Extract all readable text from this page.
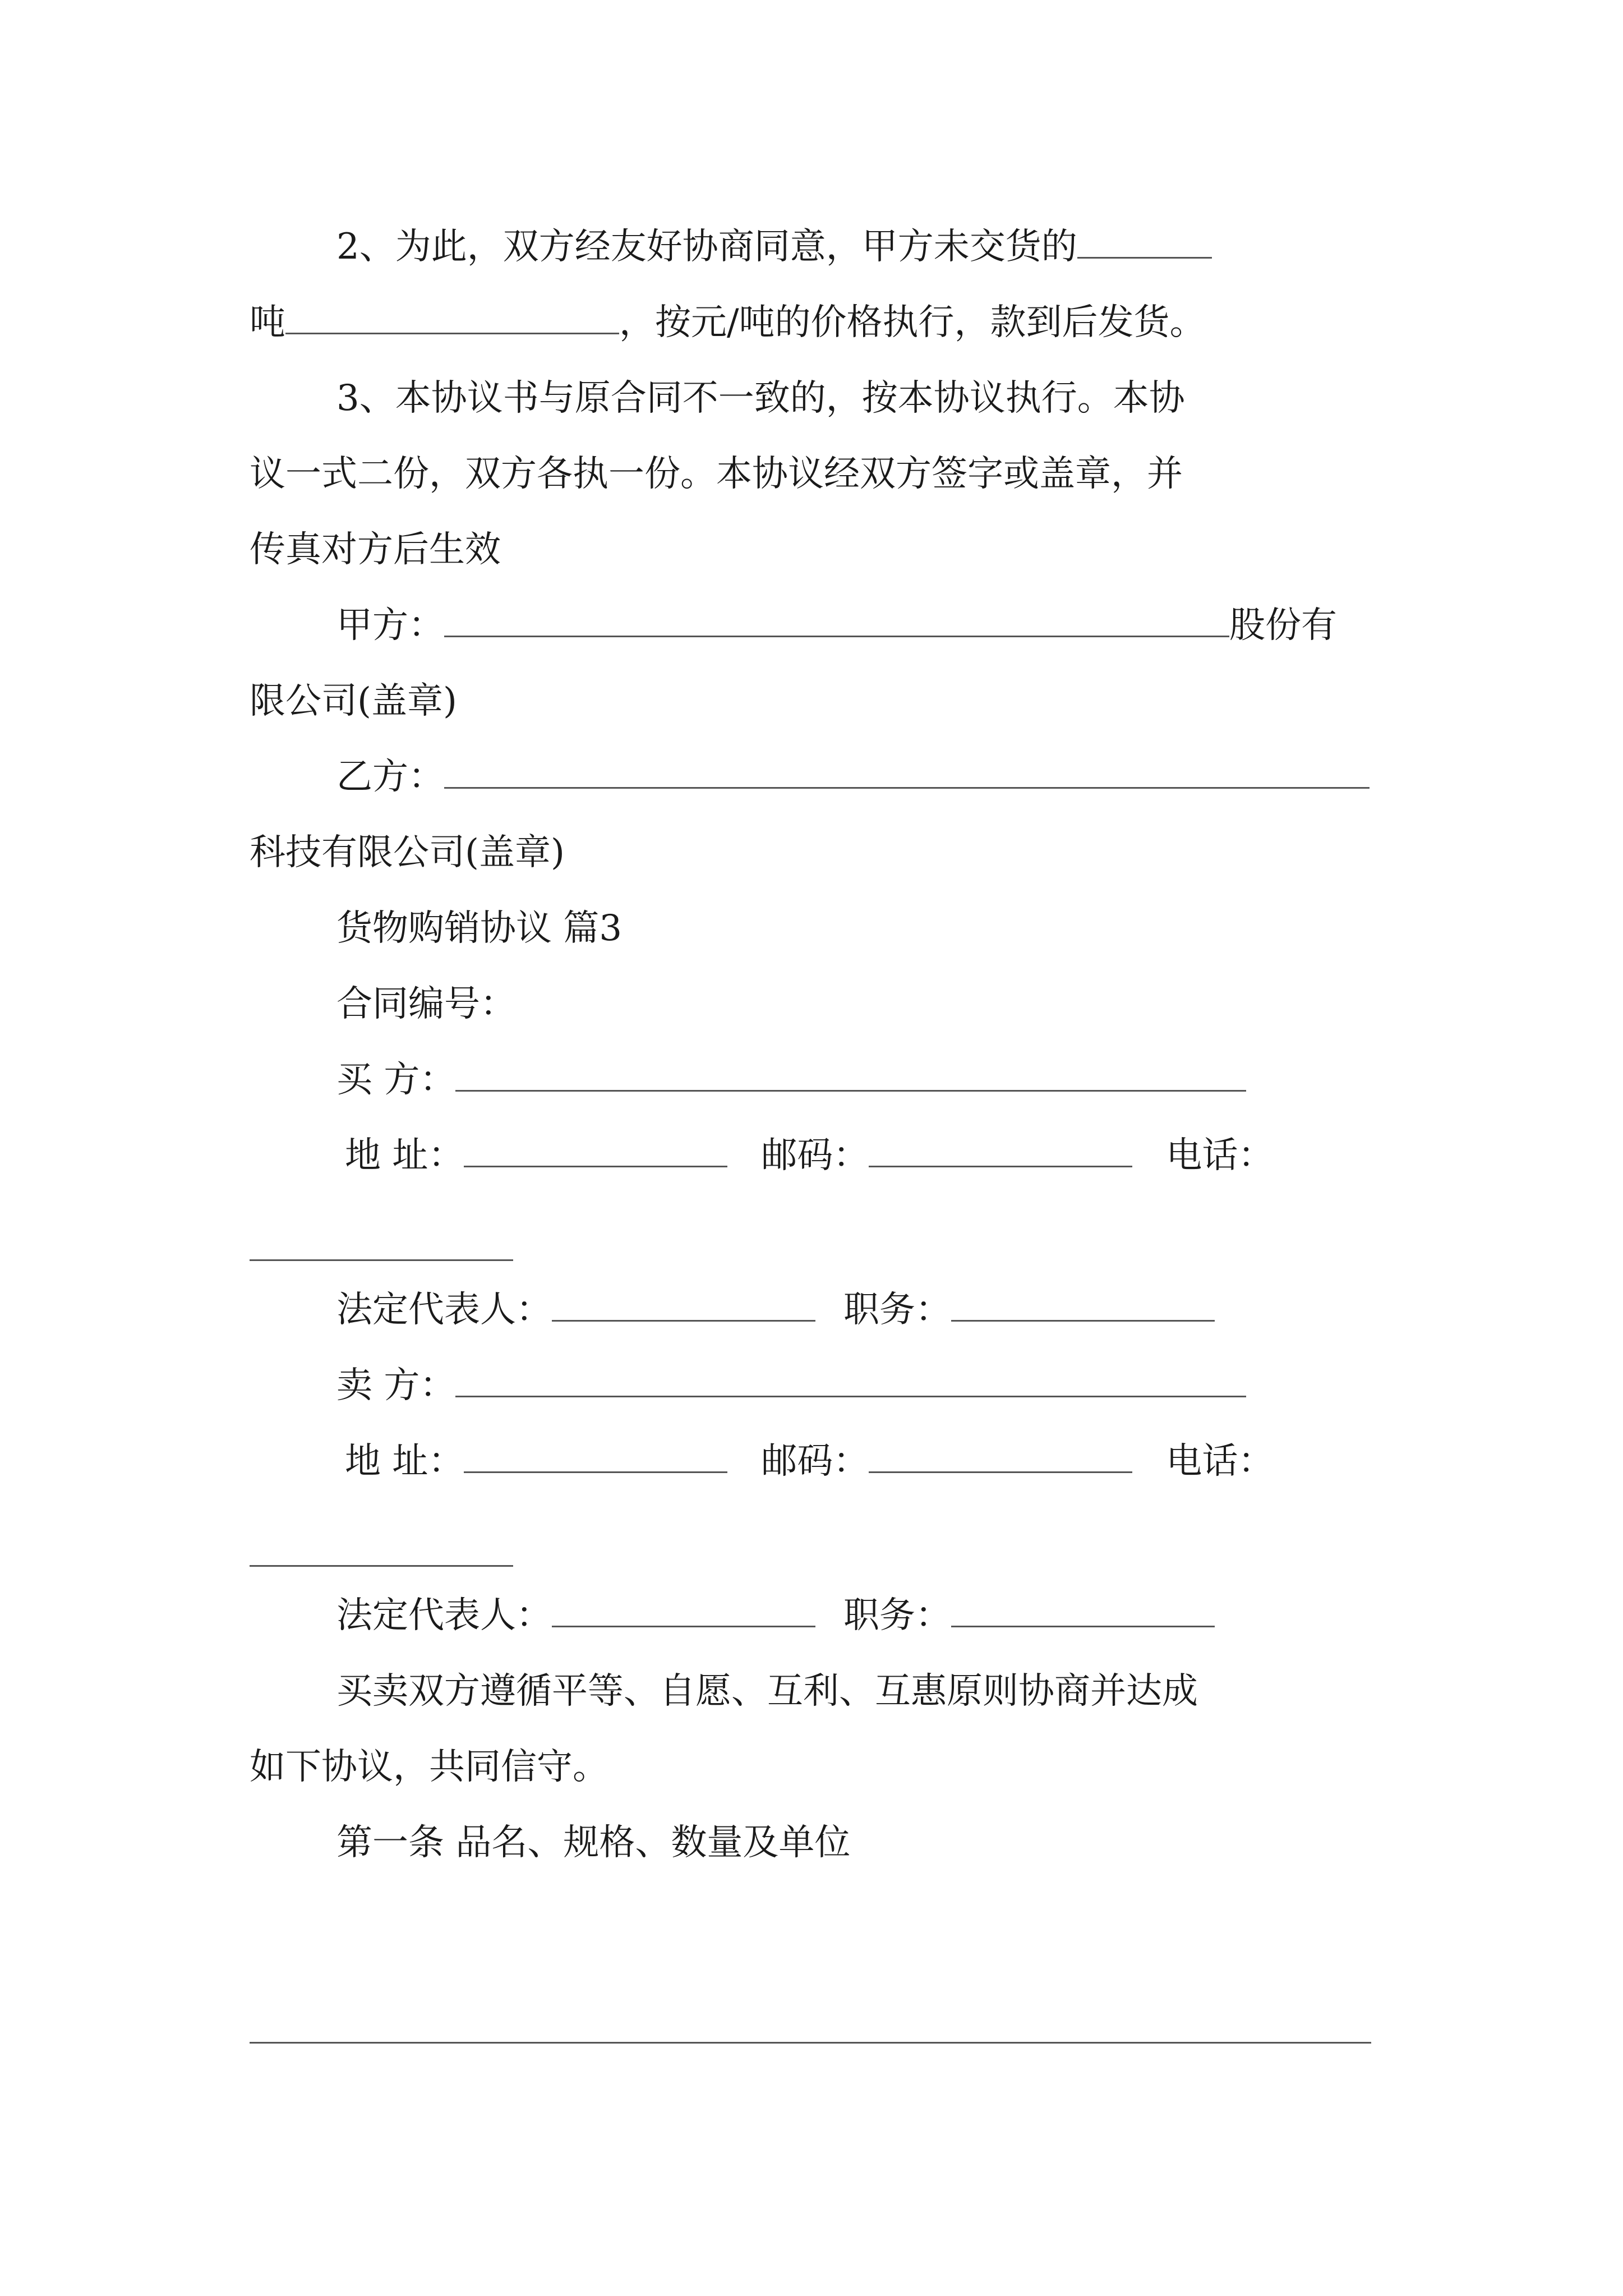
2、为此，双方经友好协商同意，甲方未交货的
吨	，按元/吨的价格执行，款到后发货。
3、本协议书与原合同不一致的，按本协议执行。本协
议一式二份，双方各执一份。本协议经双方签字或盖章，并
传真对方后生效
甲方：	股份有
限公司(盖章)
乙方：
科技有限公司(盖章)
货物购销协议 篇3
合同编号：
买 方：
地 址：	邮码：	电话：
法定代表人：	职务：
卖 方：
地 址：	邮码：	电话：
法定代表人：	职务：
买卖双方遵循平等、自愿、互利、互惠原则协商并达成
如下协议，共同信守。
第一条 品名、规格、数量及单位
